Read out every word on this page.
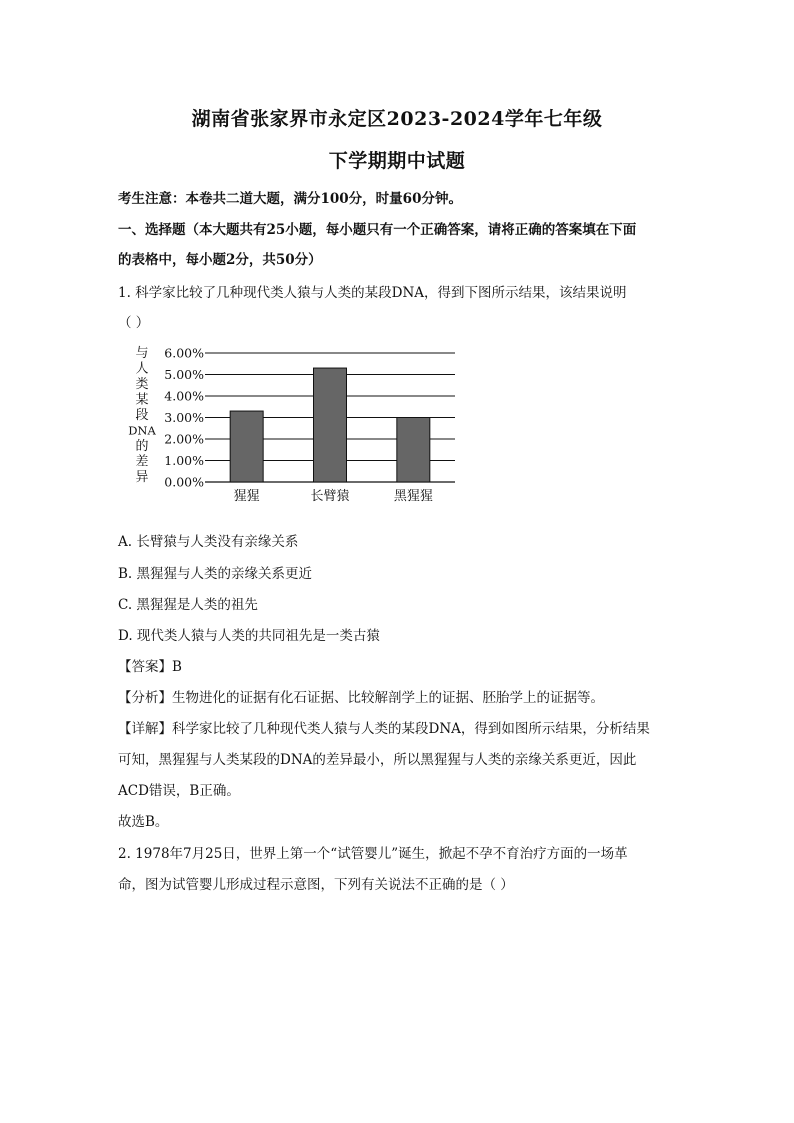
湖南省张家界市永定区2023-2024学年七年级
下学期期中试题
考生注意：本卷共二道大题，满分100分，时量60分钟。
一、选择题（本大题共有25小题，每小题只有一个正确答案，请将正确的答案填在下面
的表格中，每小题2分，共50分）
1. 科学家比较了几种现代类人猿与人类的某段DNA，得到下图所示结果，该结果说明
（ ）
与
人
类
某
段
DNA
的
差
异
6.00%
5.00%
4.00%
3.00%
2.00%
1.00%
0.00%
猩猩	长臂猿	黑猩猩
A. 长臂猿与人类没有亲缘关系
B. 黑猩猩与人类的亲缘关系更近
C. 黑猩猩是人类的祖先
D. 现代类人猿与人类的共同祖先是一类古猿
【答案】B
【分析】生物进化的证据有化石证据、比较解剖学上的证据、胚胎学上的证据等。
【详解】科学家比较了几种现代类人猿与人类的某段DNA，得到如图所示结果，分析结果
可知，黑猩猩与人类某段的DNA的差异最小，所以黑猩猩与人类的亲缘关系更近，因此
ACD错误，B正确。
故选B。
2. 1978年7月25日，世界上第一个“试管婴儿”诞生，掀起不孕不育治疗方面的一场革
命，图为试管婴儿形成过程示意图，下列有关说法不正确的是（ ）
